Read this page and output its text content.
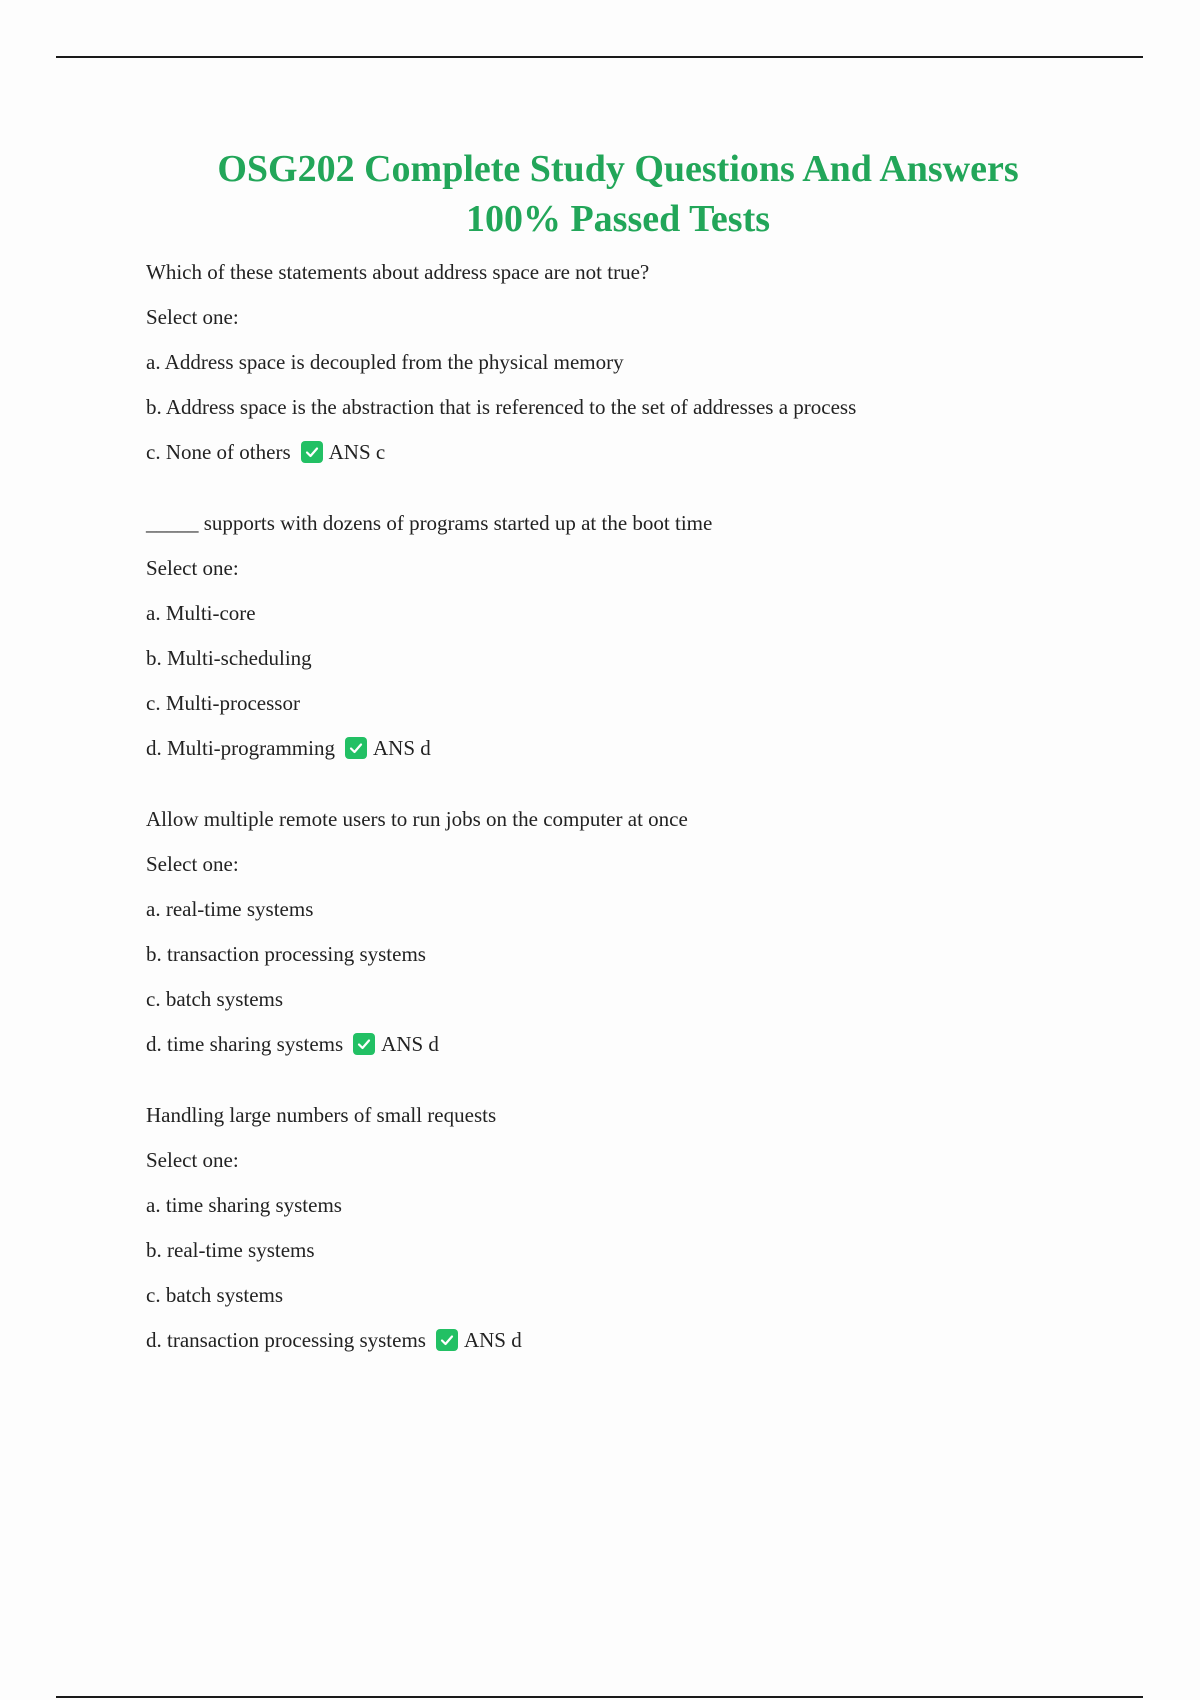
OSG202 Complete Study Questions And Answers
100% Passed Tests
Which of these statements about address space are not true?
Select one:
a. Address space is decoupled from the physical memory
b. Address space is the abstraction that is referenced to the set of addresses a process
c. None of others ANS c
_____ supports with dozens of programs started up at the boot time
Select one:
a. Multi-core
b. Multi-scheduling
c. Multi-processor
d. Multi-programming ANS d
Allow multiple remote users to run jobs on the computer at once
Select one:
a. real-time systems
b. transaction processing systems
c. batch systems
d. time sharing systems ANS d
Handling large numbers of small requests
Select one:
a. time sharing systems
b. real-time systems
c. batch systems
d. transaction processing systems ANS d
